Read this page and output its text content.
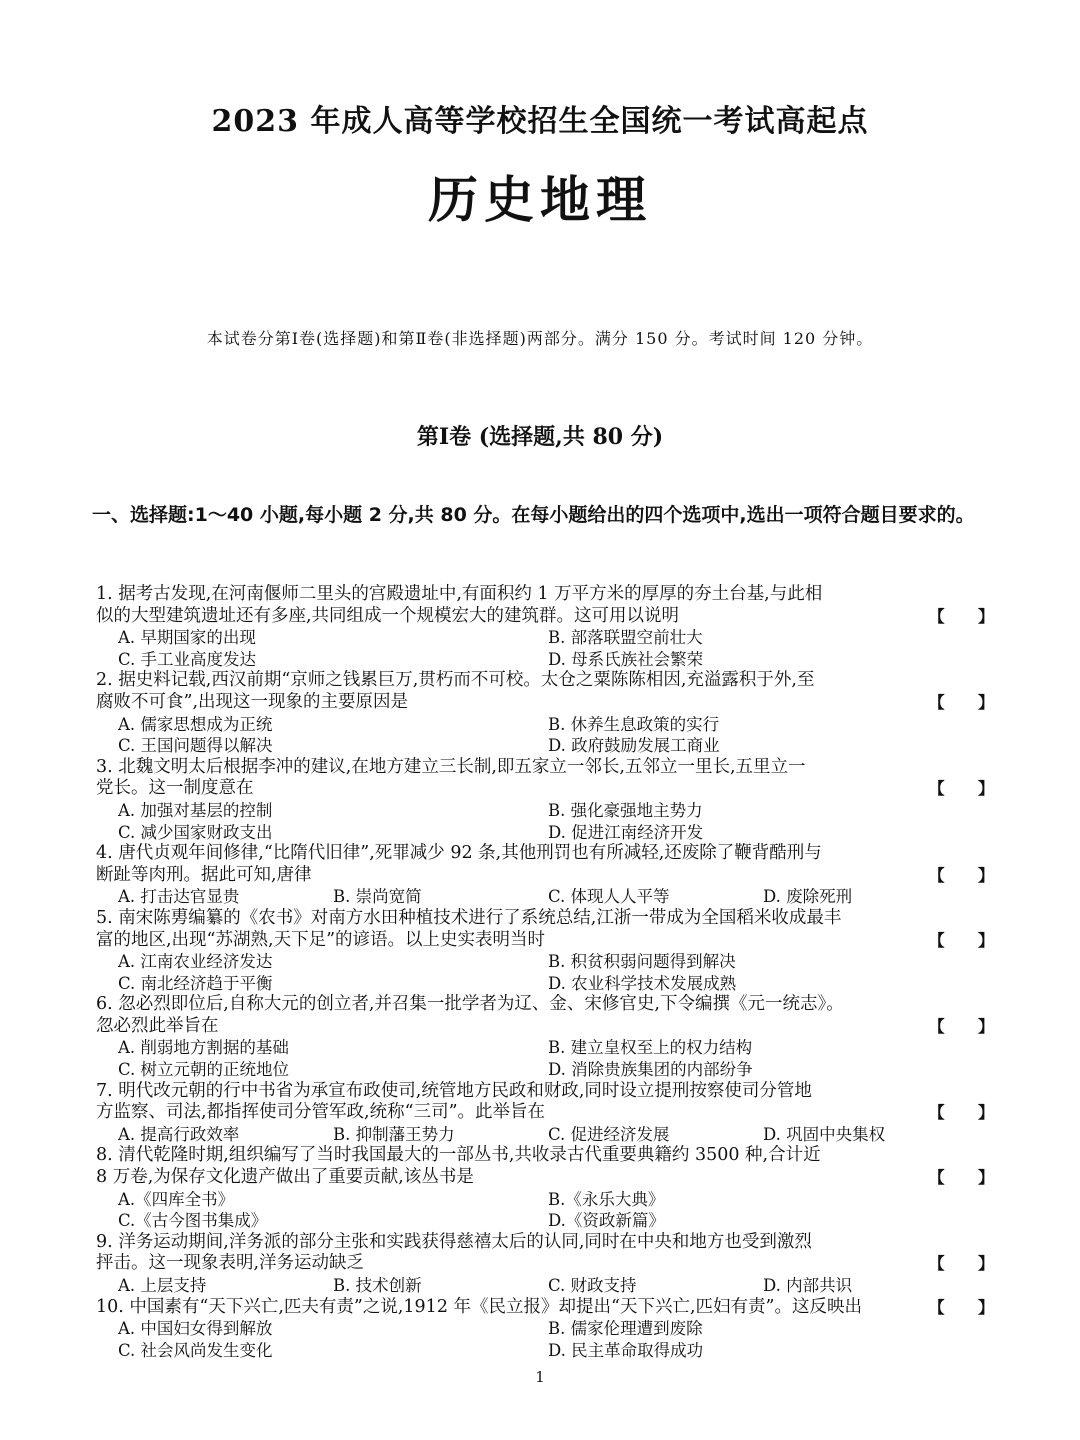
2023 年成人高等学校招生全国统一考试高起点
历史地理
本试卷分第Ⅰ卷(选择题)和第Ⅱ卷(非选择题)两部分。满分 150 分。考试时间 120 分钟。
第Ⅰ卷 (选择题,共 80 分)
一、选择题:1～40 小题,每小题 2 分,共 80 分。在每小题给出的四个选项中,选出一项符合题目要求的。
1. 据考古发现,在河南偃师二里头的宫殿遗址中,有面积约 1 万平方米的厚厚的夯土台基,与此相
似的大型建筑遗址还有多座,共同组成一个规模宏大的建筑群。这可用以说明	【      】
A. 早期国家的出现	B. 部落联盟空前壮大
C. 手工业高度发达	D. 母系氏族社会繁荣
2. 据史料记载,西汉前期“京师之钱累巨万,贯朽而不可校。太仓之粟陈陈相因,充溢露积于外,至
腐败不可食”,出现这一现象的主要原因是	【      】
A. 儒家思想成为正统	B. 休养生息政策的实行
C. 王国问题得以解决	D. 政府鼓励发展工商业
3. 北魏文明太后根据李冲的建议,在地方建立三长制,即五家立一邻长,五邻立一里长,五里立一
党长。这一制度意在	【      】
A. 加强对基层的控制	B. 强化豪强地主势力
C. 减少国家财政支出	D. 促进江南经济开发
4. 唐代贞观年间修律,“比隋代旧律”,死罪减少 92 条,其他刑罚也有所减轻,还废除了鞭背酷刑与
断趾等肉刑。据此可知,唐律	【      】
A. 打击达官显贵	B. 崇尚宽简	C. 体现人人平等	D. 废除死刑
5. 南宋陈旉编纂的《农书》对南方水田种植技术进行了系统总结,江浙一带成为全国稻米收成最丰
富的地区,出现“苏湖熟,天下足”的谚语。以上史实表明当时	【      】
A. 江南农业经济发达	B. 积贫积弱问题得到解决
C. 南北经济趋于平衡	D. 农业科学技术发展成熟
6. 忽必烈即位后,自称大元的创立者,并召集一批学者为辽、金、宋修官史,下令编撰《元一统志》。
忽必烈此举旨在	【      】
A. 削弱地方割据的基础	B. 建立皇权至上的权力结构
C. 树立元朝的正统地位	D. 消除贵族集团的内部纷争
7. 明代改元朝的行中书省为承宣布政使司,统管地方民政和财政,同时设立提刑按察使司分管地
方监察、司法,都指挥使司分管军政,统称“三司”。此举旨在	【      】
A. 提高行政效率	B. 抑制藩王势力	C. 促进经济发展	D. 巩固中央集权
8. 清代乾隆时期,组织编写了当时我国最大的一部丛书,共收录古代重要典籍约 3500 种,合计近
8 万卷,为保存文化遗产做出了重要贡献,该丛书是	【      】
A.《四库全书》	B.《永乐大典》
C.《古今图书集成》	D.《资政新篇》
9. 洋务运动期间,洋务派的部分主张和实践获得慈禧太后的认同,同时在中央和地方也受到激烈
抨击。这一现象表明,洋务运动缺乏	【      】
A. 上层支持	B. 技术创新	C. 财政支持	D. 内部共识
10. 中国素有“天下兴亡,匹夫有责”之说,1912 年《民立报》却提出“天下兴亡,匹妇有责”。这反映出	【      】
A. 中国妇女得到解放	B. 儒家伦理遭到废除
C. 社会风尚发生变化	D. 民主革命取得成功
1
